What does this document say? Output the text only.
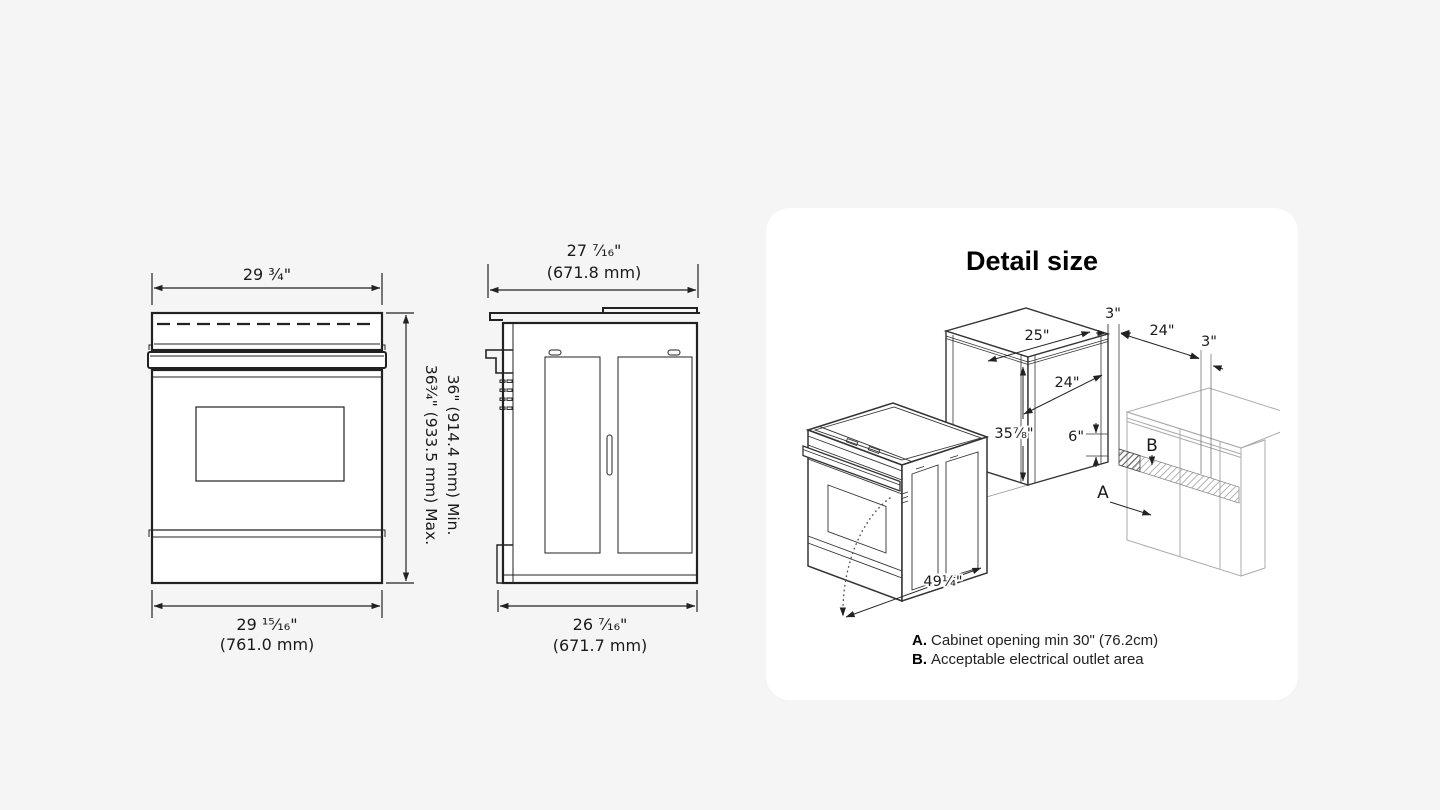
29 ¾"
29 ¹⁵⁄₁₆"
(761.0 mm)
36" (914.4 mm) Min.
36¾" (933.5 mm) Max.
27 ⁷⁄₁₆"
(671.8 mm)
26 ⁷⁄₁₆"
(671.7 mm)
Detail size
25"
24"
35⅞"
3"
24"
3"
6"
49¼"
A
B
A. Cabinet opening min 30" (76.2cm)
B. Acceptable electrical outlet area
